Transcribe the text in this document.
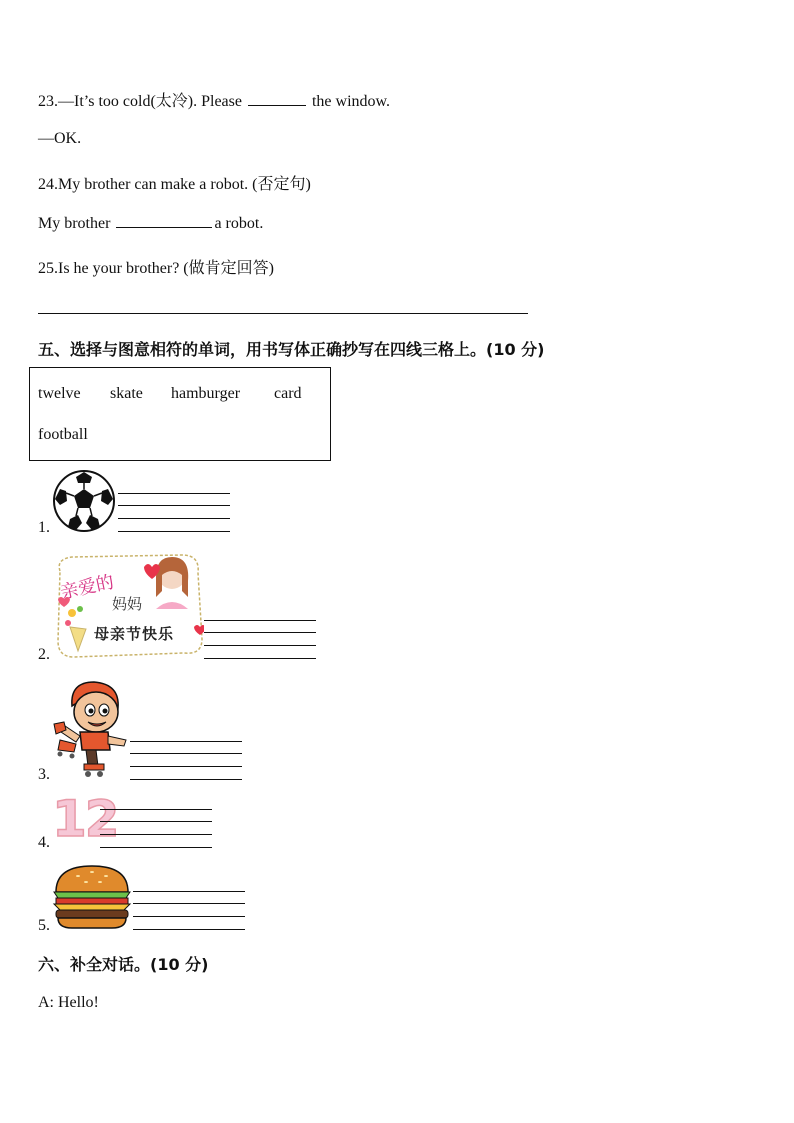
23.—It’s too cold(太冷). Please	the window.
—OK.
24.My brother can make a robot. (否定句)
My brother	a robot.
25.Is he your brother? (做肯定回答)
五、选择与图意相符的单词，用书写体正确抄写在四线三格上。(10 分)
twelve skate hamburger card
football
1.
2.
亲爱的
妈妈
母亲节快乐
3.
4. 12
5.
六、补全对话。(10 分)
A: Hello!
